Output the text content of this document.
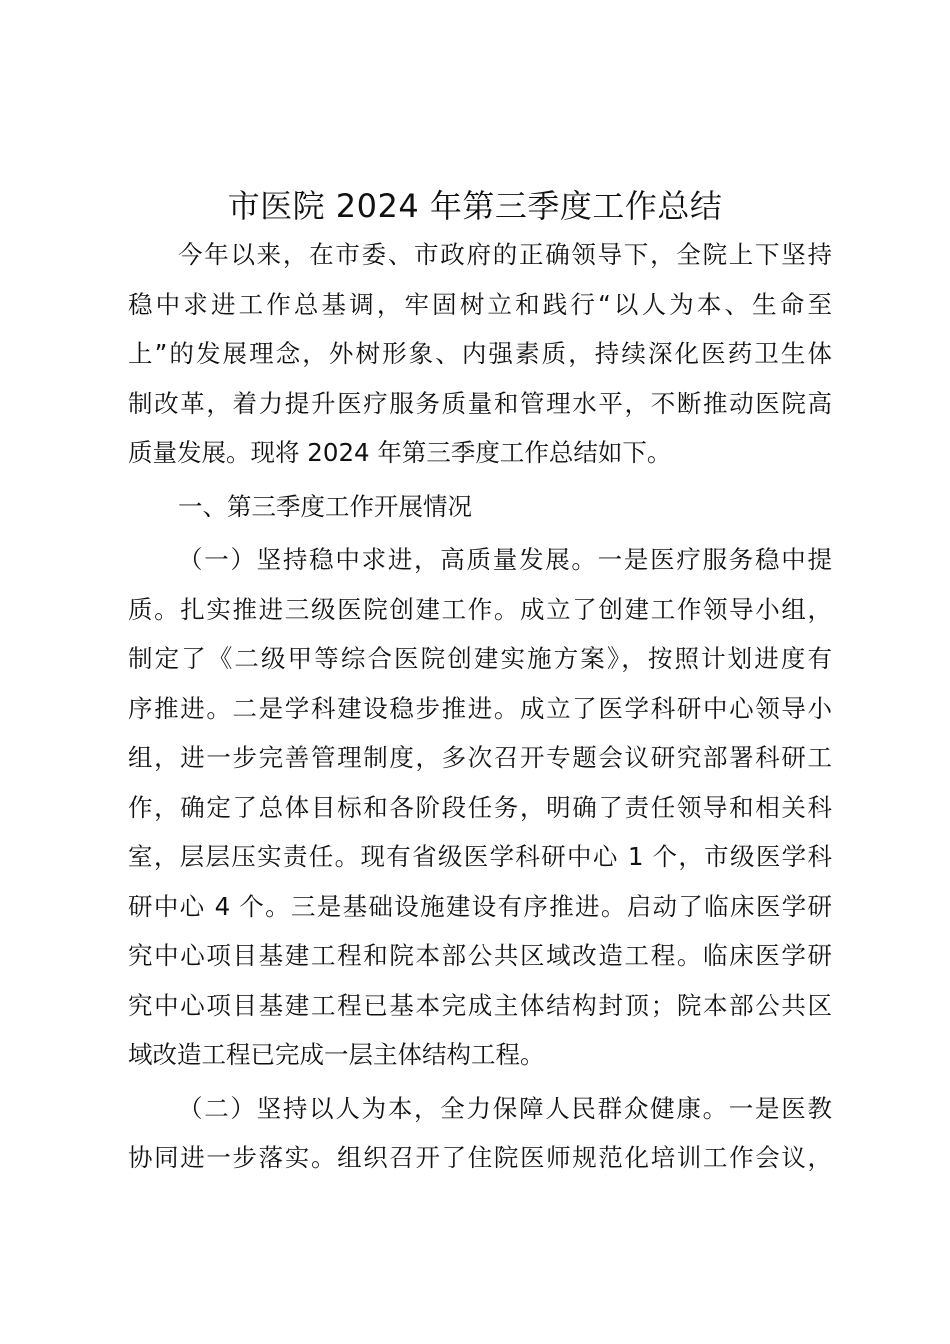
市医院 2024 年第三季度工作总结
今年以来，在市委、市政府的正确领导下，全院上下坚持
稳中求进工作总基调，牢固树立和践行“以人为本、生命至
上”的发展理念，外树形象、内强素质，持续深化医药卫生体
制改革，着力提升医疗服务质量和管理水平，不断推动医院高
质量发展。现将 2024 年第三季度工作总结如下。
一、第三季度工作开展情况
（一）坚持稳中求进，高质量发展。一是医疗服务稳中提
质。扎实推进三级医院创建工作。成立了创建工作领导小组，
制定了《二级甲等综合医院创建实施方案》，按照计划进度有
序推进。二是学科建设稳步推进。成立了医学科研中心领导小
组，进一步完善管理制度，多次召开专题会议研究部署科研工
作，确定了总体目标和各阶段任务，明确了责任领导和相关科
室，层层压实责任。现有省级医学科研中心 1 个，市级医学科
研中心 4 个。三是基础设施建设有序推进。启动了临床医学研
究中心项目基建工程和院本部公共区域改造工程。临床医学研
究中心项目基建工程已基本完成主体结构封顶；院本部公共区
域改造工程已完成一层主体结构工程。
（二）坚持以人为本，全力保障人民群众健康。一是医教
协同进一步落实。组织召开了住院医师规范化培训工作会议，
